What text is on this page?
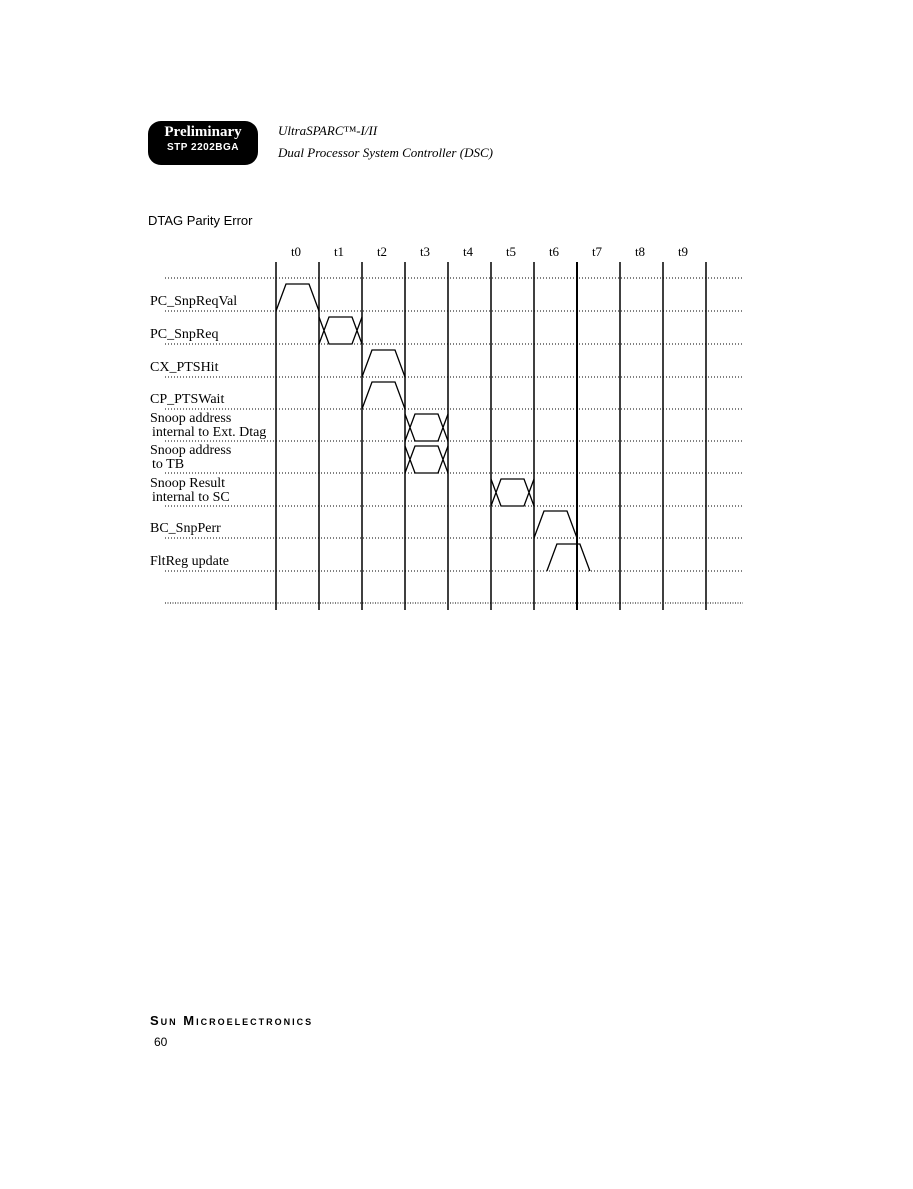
Preliminary
STP 2202BGA
UltraSPARC™-I/II
Dual Processor System Controller (DSC)
DTAG Parity Error
t0	t1	t2	t3	t4	t5	t6	t7	t8	t9
PC_SnpReqVal
PC_SnpReq
CX_PTSHit
CP_PTSWait
Snoop address
internal to Ext. Dtag
Snoop address
to TB
Snoop Result
internal to SC
BC_SnpPerr
FltReg update
Sun Microelectronics
60
